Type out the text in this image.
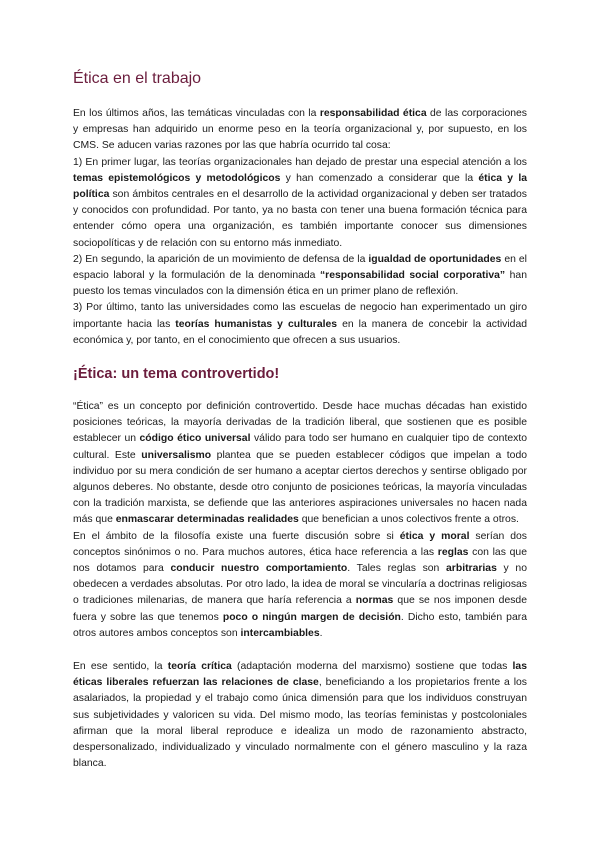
Ética en el trabajo

En los últimos años, las temáticas vinculadas con la responsabilidad ética de las corporaciones y empresas han adquirido un enorme peso en la teoría organizacional y, por supuesto, en los CMS. Se aducen varias razones por las que habría ocurrido tal cosa:

1) En primer lugar, las teorías organizacionales han dejado de prestar una especial atención a los temas epistemológicos y metodológicos y han comenzado a considerar que la ética y la política son ámbitos centrales en el desarrollo de la actividad organizacional y deben ser tratados y conocidos con profundidad. Por tanto, ya no basta con tener una buena formación técnica para entender cómo opera una organización, es también importante conocer sus dimensiones sociopolíticas y de relación con su entorno más inmediato.

2) En segundo, la aparición de un movimiento de defensa de la igualdad de oportunidades en el espacio laboral y la formulación de la denominada “responsabilidad social corporativa” han puesto los temas vinculados con la dimensión ética en un primer plano de reflexión.

3) Por último, tanto las universidades como las escuelas de negocio han experimentado un giro importante hacia las teorías humanistas y culturales en la manera de concebir la actividad económica y, por tanto, en el conocimiento que ofrecen a sus usuarios.

¡Ética: un tema controvertido!

“Ética” es un concepto por definición controvertido. Desde hace muchas décadas han existido posiciones teóricas, la mayoría derivadas de la tradición liberal, que sostienen que es posible establecer un código ético universal válido para todo ser humano en cualquier tipo de contexto cultural. Este universalismo plantea que se pueden establecer códigos que impelan a todo individuo por su mera condición de ser humano a aceptar ciertos derechos y sentirse obligado por algunos deberes. No obstante, desde otro conjunto de posiciones teóricas, la mayoría vinculadas con la tradición marxista, se defiende que las anteriores aspiraciones universales no hacen nada más que enmascarar determinadas realidades que benefician a unos colectivos frente a otros.

En el ámbito de la filosofía existe una fuerte discusión sobre si ética y moral serían dos conceptos sinónimos o no. Para muchos autores, ética hace referencia a las reglas con las que nos dotamos para conducir nuestro comportamiento. Tales reglas son arbitrarias y no obedecen a verdades absolutas. Por otro lado, la idea de moral se vincularía a doctrinas religiosas o tradiciones milenarias, de manera que haría referencia a normas que se nos imponen desde fuera y sobre las que tenemos poco o ningún margen de decisión. Dicho esto, también para otros autores ambos conceptos son intercambiables.

En ese sentido, la teoría crítica (adaptación moderna del marxismo) sostiene que todas las éticas liberales refuerzan las relaciones de clase, beneficiando a los propietarios frente a los asalariados, la propiedad y el trabajo como única dimensión para que los individuos construyan sus subjetividades y valoricen su vida. Del mismo modo, las teorías feministas y postcoloniales afirman que la moral liberal reproduce e idealiza un modo de razonamiento abstracto, despersonalizado, individualizado y vinculado normalmente con el género masculino y la raza blanca.
